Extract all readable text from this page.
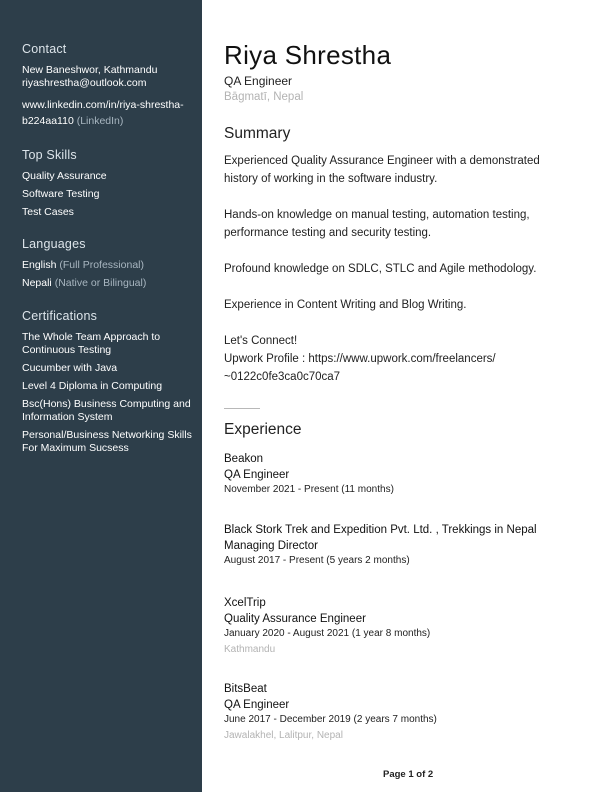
Contact
New Baneshwor, Kathmandu
riyashrestha@outlook.com
www.linkedin.com/in/riya-shrestha-
b224aa110 (LinkedIn)
Top Skills
Quality Assurance
Software Testing
Test Cases
Languages
English (Full Professional)
Nepali (Native or Bilingual)
Certifications
The Whole Team Approach to
Continuous Testing
Cucumber with Java
Level 4 Diploma in Computing
Bsc(Hons) Business Computing and
Information System
Personal/Business Networking Skills
For Maximum Sucsess
Riya Shrestha
QA Engineer
Bāgmatī, Nepal
Summary

Experienced Quality Assurance Engineer with a demonstrated

history of working in the software industry.

Hands-on knowledge on manual testing, automation testing,

performance testing and security testing.

Profound knowledge on SDLC, STLC and Agile methodology.

Experience in Content Writing and Blog Writing.

Let's Connect!

Upwork Profile : https://www.upwork.com/freelancers/

~0122c0fe3ca0c70ca7

Experience
Beakon
QA Engineer
November 2021 - Present (11 months)
Black Stork Trek and Expedition Pvt. Ltd. , Trekkings in Nepal
Managing Director
August 2017 - Present (5 years 2 months)
XcelTrip
Quality Assurance Engineer
January 2020 - August 2021 (1 year 8 months)
Kathmandu
BitsBeat
QA Engineer
June 2017 - December 2019 (2 years 7 months)
Jawalakhel, Lalitpur, Nepal
Page 1 of 2
